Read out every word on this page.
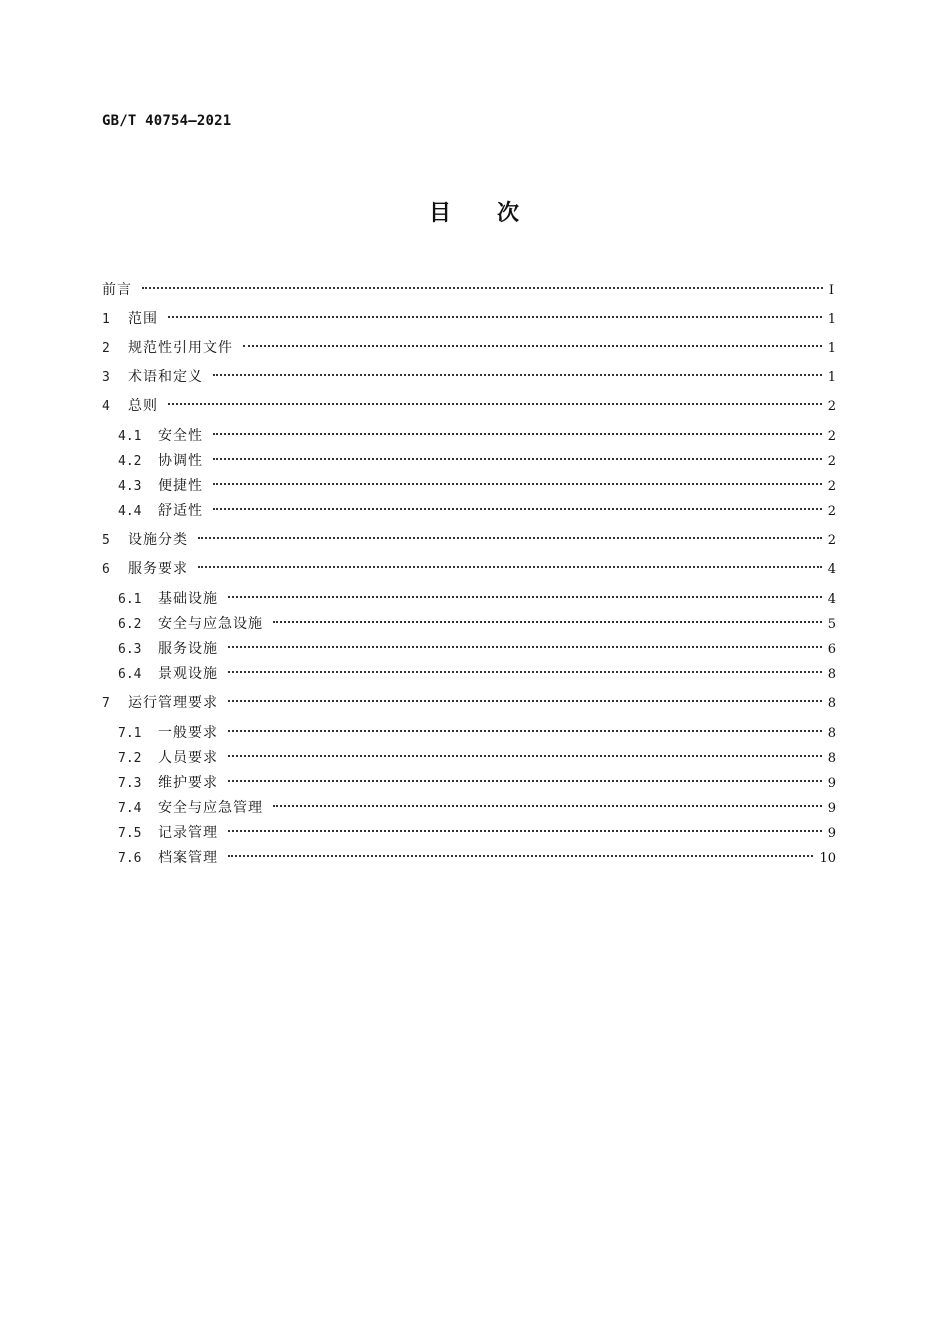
GB/T 40754—2021
目 次
前言	Ⅰ
1	范围	1
2	规范性引用文件	1
3	术语和定义	1
4	总则	2
4.1	安全性	2
4.2	协调性	2
4.3	便捷性	2
4.4	舒适性	2
5	设施分类	2
6	服务要求	4
6.1	基础设施	4
6.2	安全与应急设施	5
6.3	服务设施	6
6.4	景观设施	8
7	运行管理要求	8
7.1	一般要求	8
7.2	人员要求	8
7.3	维护要求	9
7.4	安全与应急管理	9
7.5	记录管理	9
7.6	档案管理	10
